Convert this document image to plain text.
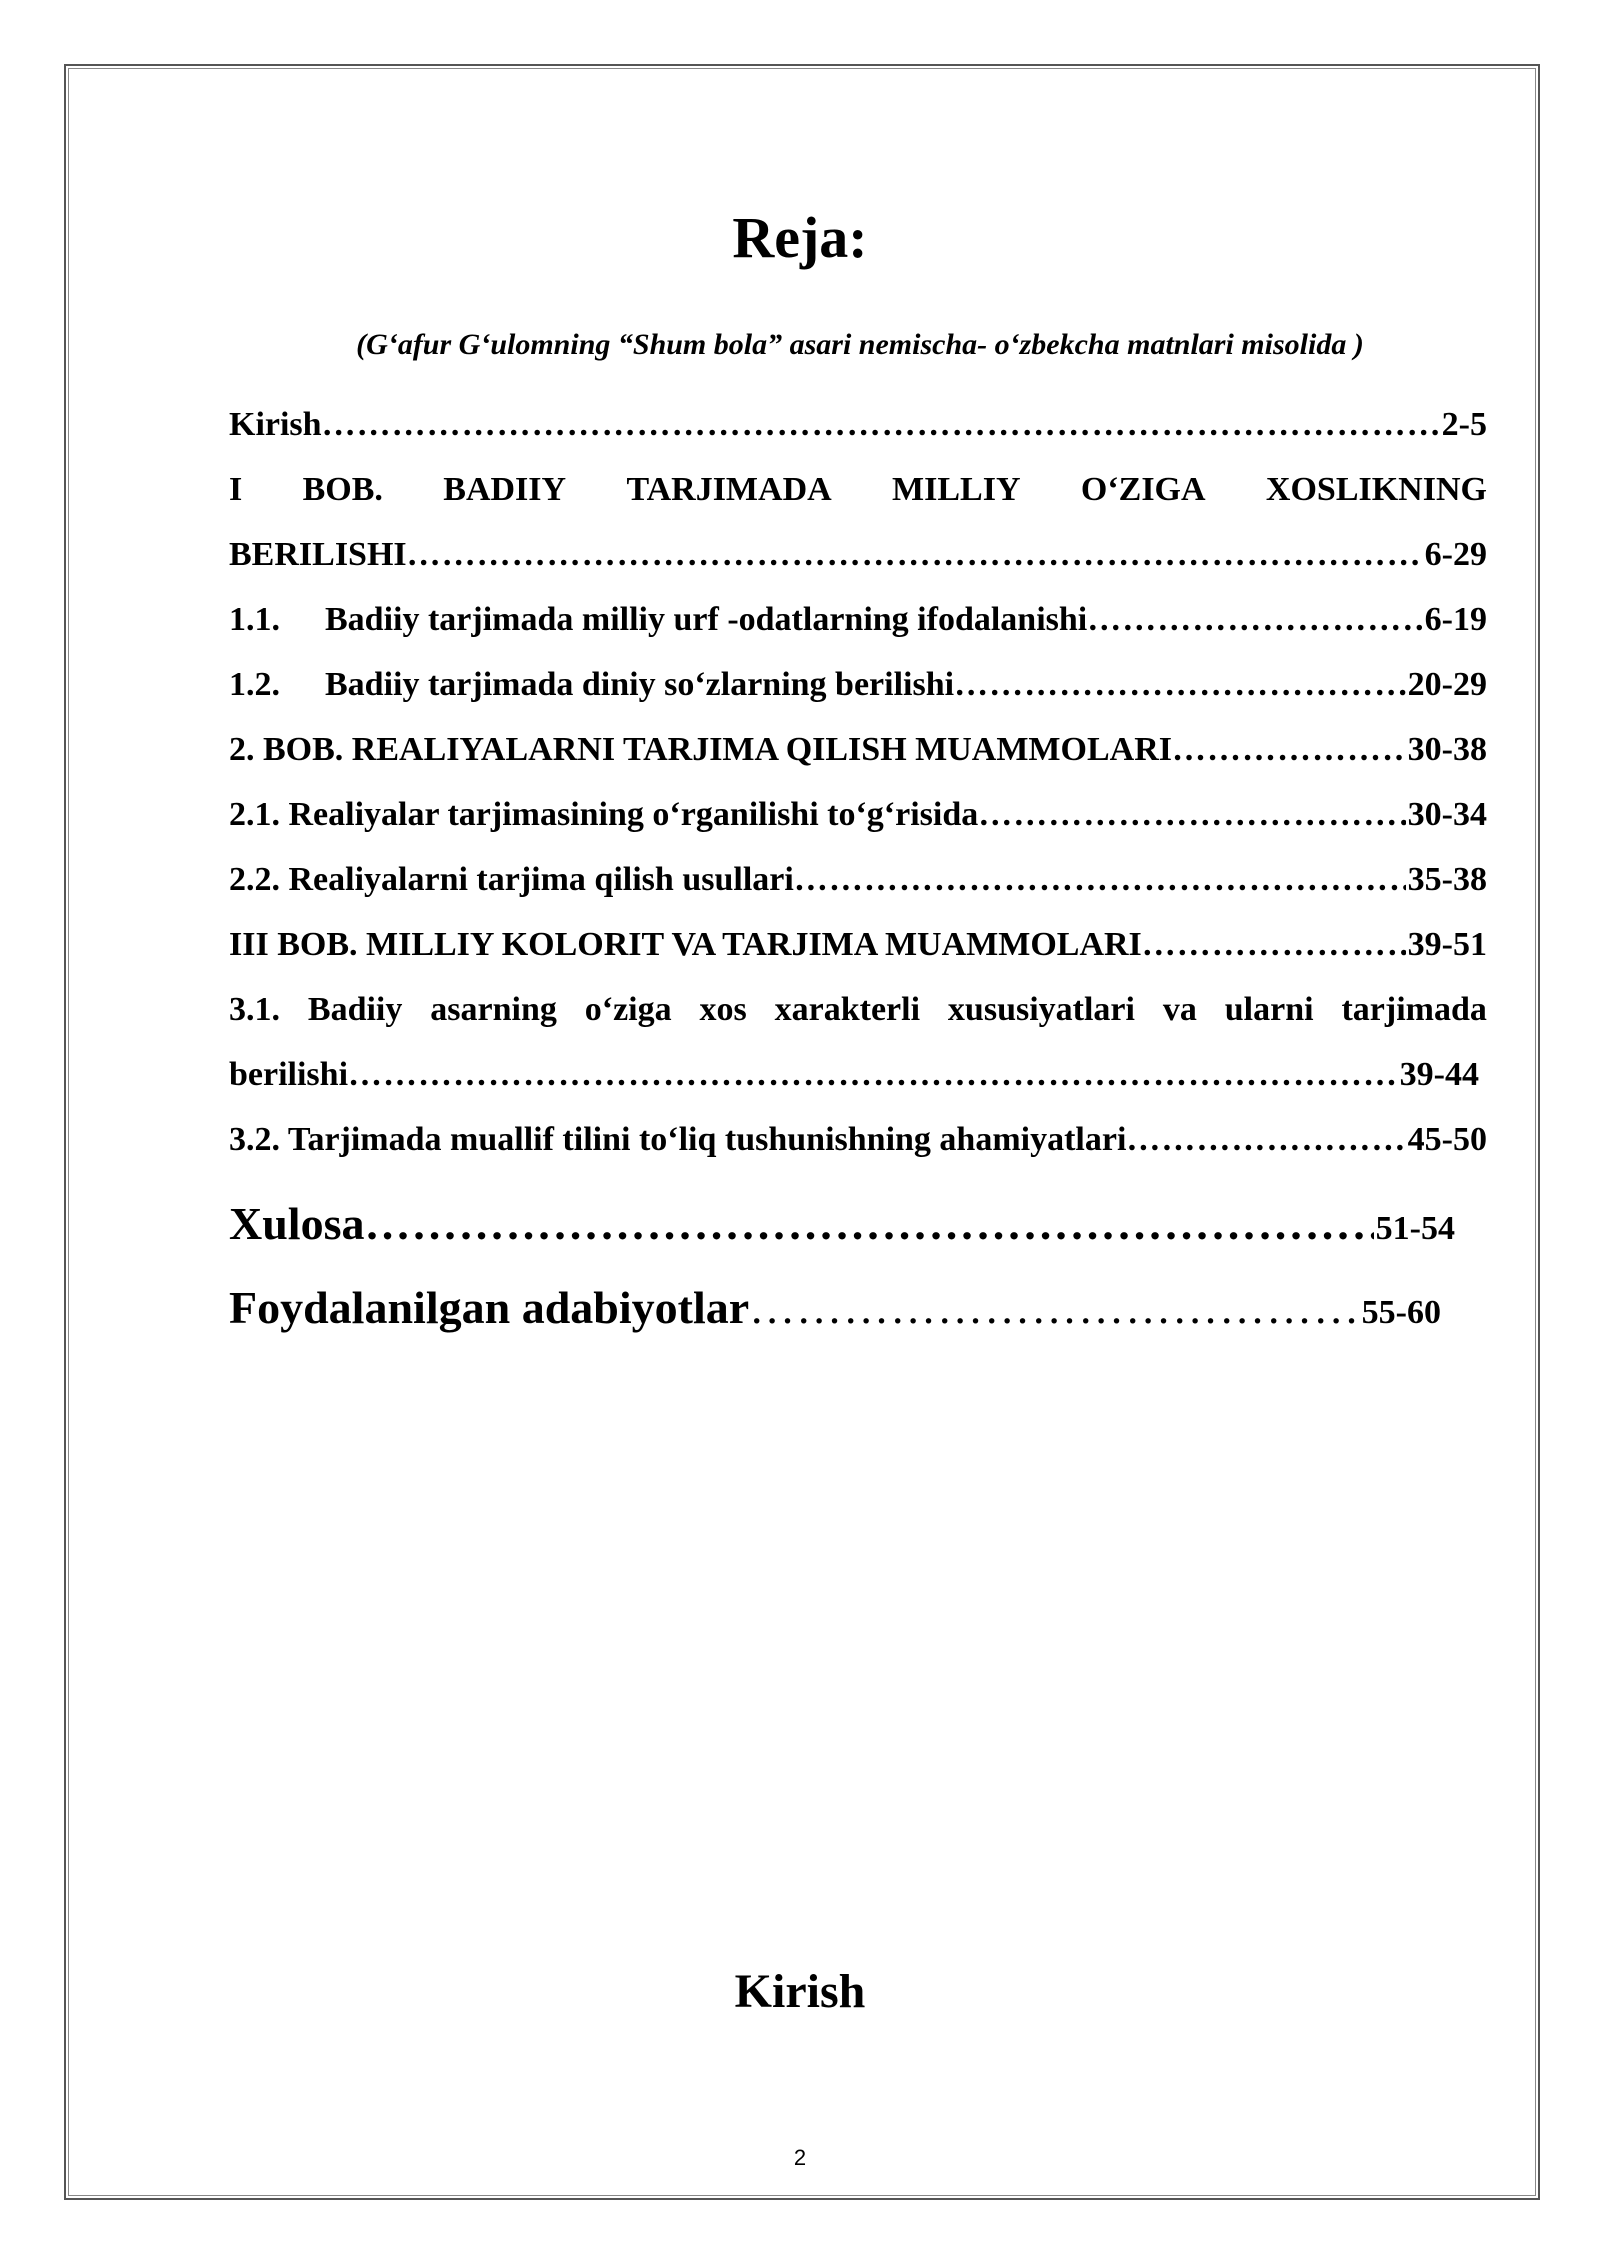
Reja:
(G‘afur G‘ulomning “Shum bola” asari nemischa- o‘zbekcha matnlari misolida )
Kirish …………………………………………………………………………………………………………………………………………………………	2-5
I BOB. BADIIY TARJIMADA MILLIY O‘ZIGA XOSLIKNING
BERILISHI …………………………………………………………………………………………………………………………………………………………	6-29
1.1.	Badiiy tarjimada milliy urf -odatlarning ifodalanishi …………………………………………………………………………………………………………………………………………………………	6-19
1.2.	Badiiy tarjimada diniy so‘zlarning berilishi …………………………………………………………………………………………………………………………………………………………	20-29
2. BOB. REALIYALARNI TARJIMA QILISH MUAMMOLARI …………………………………………………………………………………………………………………………………………………………	30-38
2.1. Realiyalar tarjimasining o‘rganilishi to‘g‘risida …………………………………………………………………………………………………………………………………………………………	30-34
2.2. Realiyalarni tarjima qilish usullari …………………………………………………………………………………………………………………………………………………………	35-38
III BOB. MILLIY KOLORIT VA TARJIMA MUAMMOLARI …………………………………………………………………………………………………………………………………………………………	39-51
3.1. Badiiy asarning o‘ziga xos xarakterli xususiyatlari va ularni tarjimada
berilishi …………………………………………………………………………………………………………………………………………………………	39-44
3.2. Tarjimada muallif tilini to‘liq tushunishning ahamiyatlari …………………………………………………………………………………………………………………………………………………………	45-50
Xulosa …………………………………………………………………………………………………………………………………………………………	51-54
Foydalanilgan adabiyotlar …………………………………………………………………………………………………………………………………………………………	55-60
Kirish
2
